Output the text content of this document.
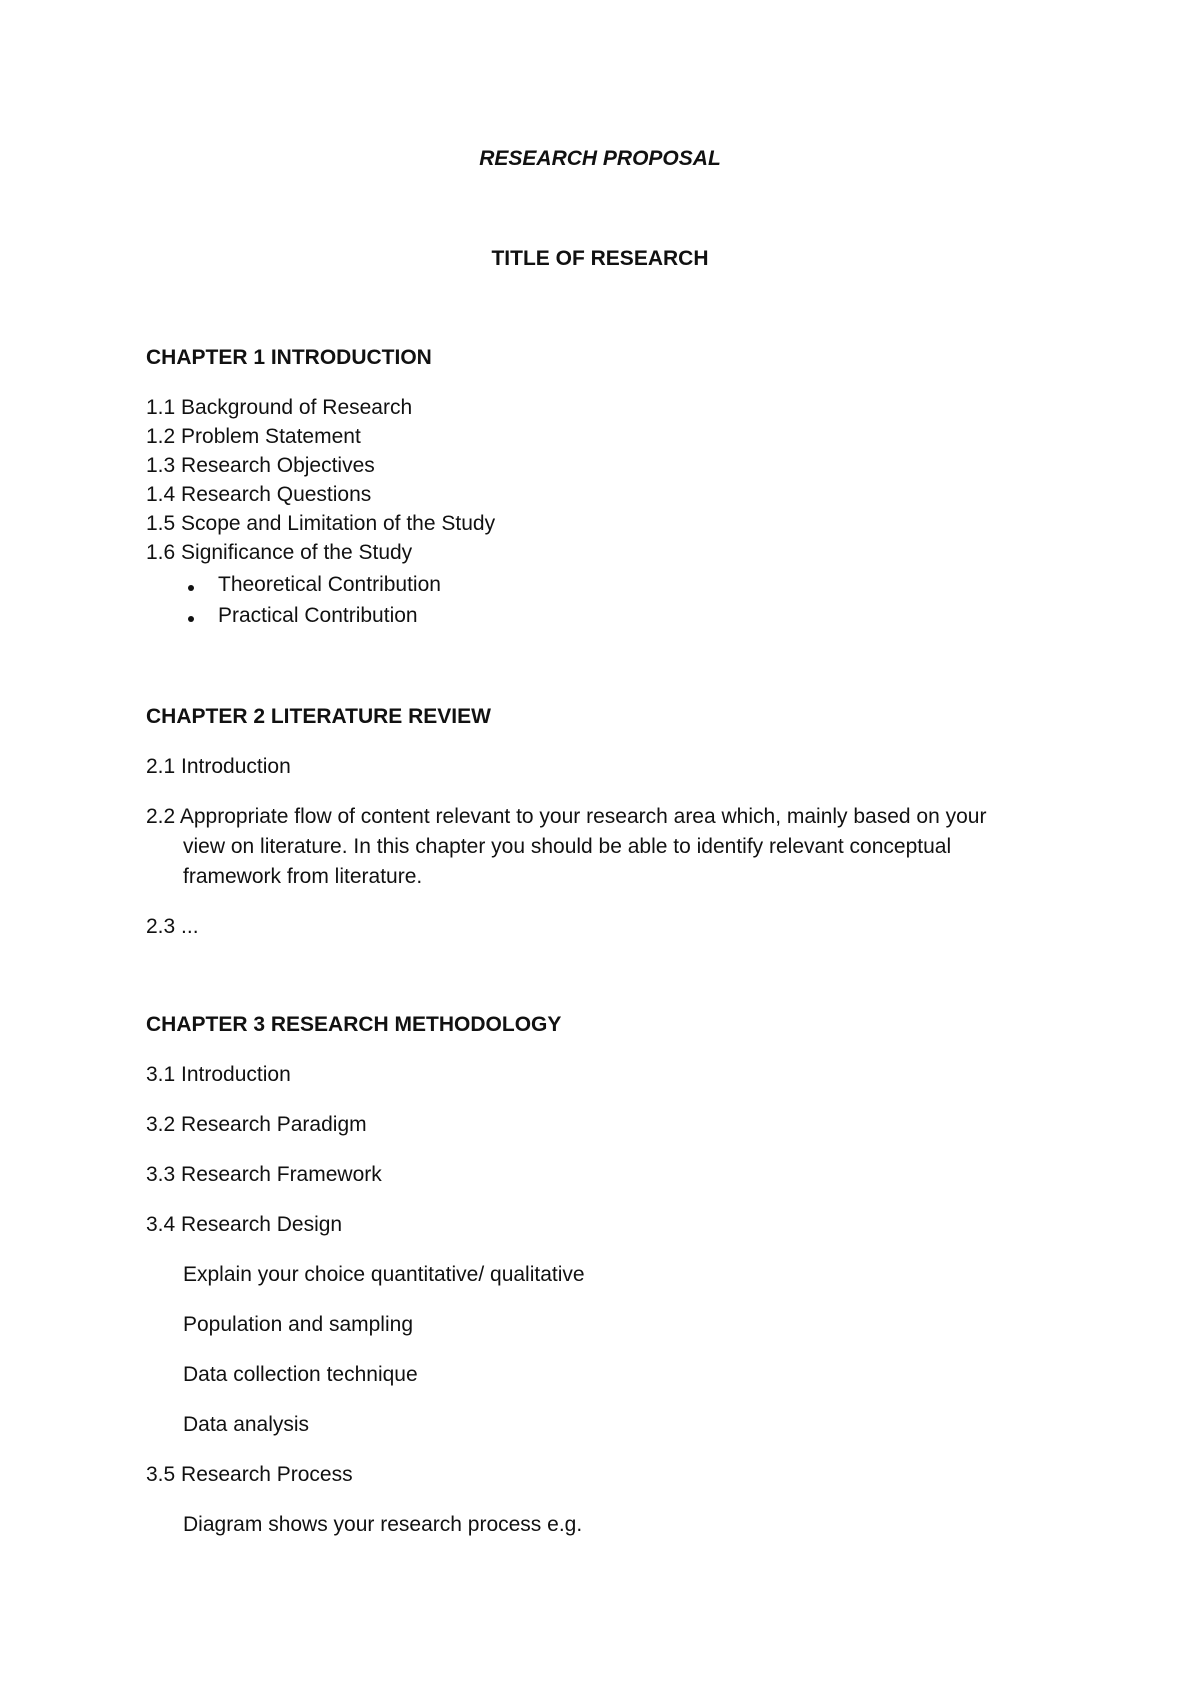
RESEARCH PROPOSAL
TITLE OF RESEARCH
CHAPTER 1 INTRODUCTION
1.1 Background of Research
1.2 Problem Statement
1.3 Research Objectives
1.4 Research Questions
1.5 Scope and Limitation of the Study
1.6 Significance of the Study
Theoretical Contribution
Practical Contribution
CHAPTER 2 LITERATURE REVIEW
2.1 Introduction
2.2 Appropriate flow of content relevant to your research area which, mainly based on your
view on literature. In this chapter you should be able to identify relevant conceptual
framework from literature.
2.3 ...
CHAPTER 3 RESEARCH METHODOLOGY
3.1 Introduction
3.2 Research Paradigm
3.3 Research Framework
3.4 Research Design
Explain your choice quantitative/ qualitative
Population and sampling
Data collection technique
Data analysis
3.5 Research Process
Diagram shows your research process e.g.
